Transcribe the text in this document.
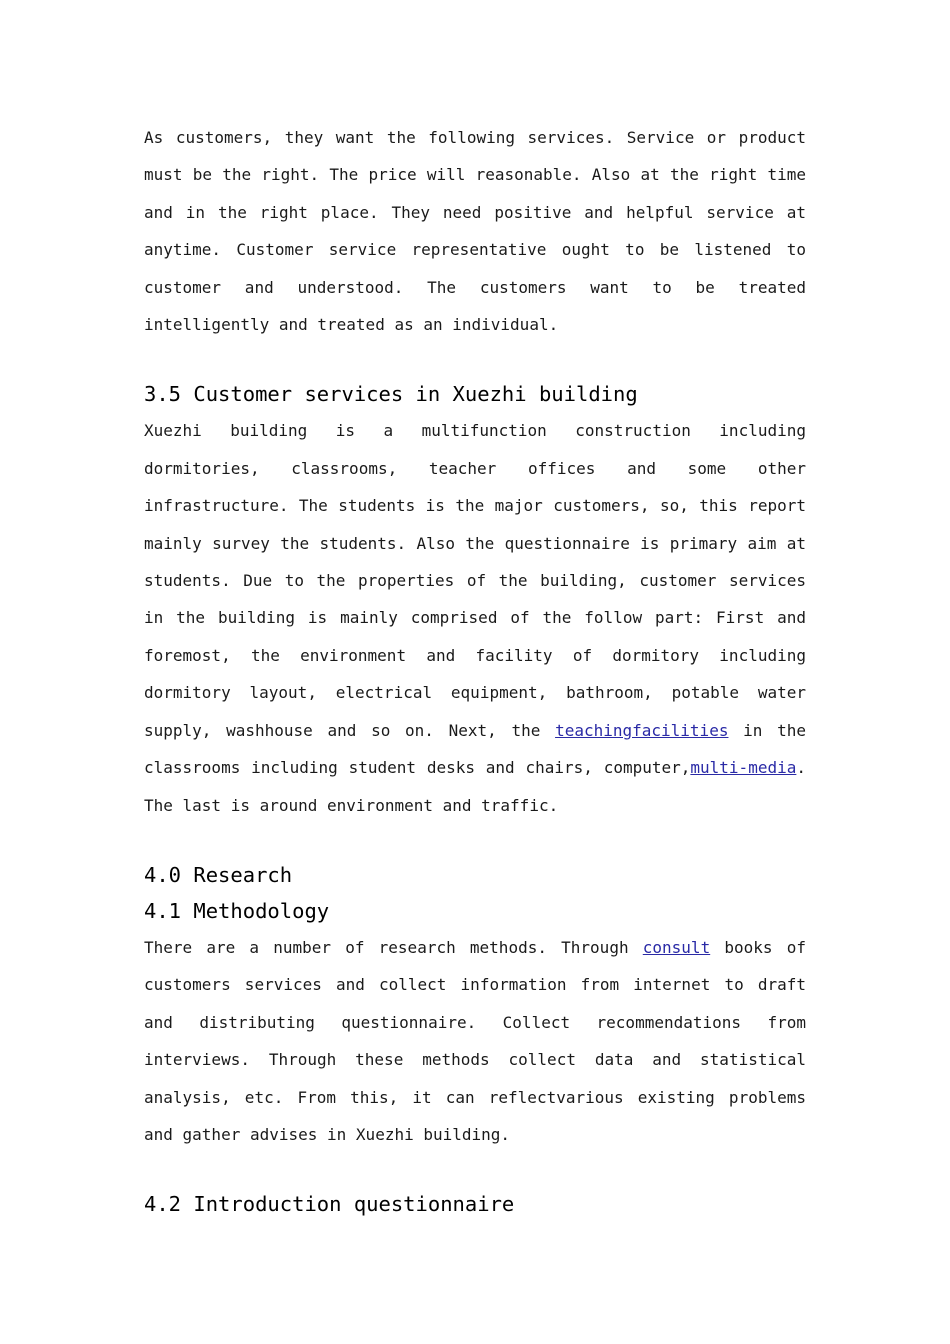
As customers, they want the following services. Service or product must be the right. The price will reasonable. Also at the right time and in the right place. They need positive and helpful service at anytime. Customer service representative ought to be listened to customer and understood. The customers want to be treated intelligently and treated as an individual.

3.5 Customer services in Xuezhi building

Xuezhi building is a multifunction construction including dormitories, classrooms, teacher offices and some other infrastructure. The students is the major customers, so, this report mainly survey the students. Also the questionnaire is primary aim at students. Due to the properties of the building, customer services in the building is mainly comprised of the follow part: First and foremost, the environment and facility of dormitory including dormitory layout, electrical equipment, bathroom, potable water supply, washhouse and so on. Next, the teachingfacilities in the classrooms including student desks and chairs, computer,multi-media. The last is around environment and traffic.

4.0 Research
4.1 Methodology

There are a number of research methods. Through consult books of customers services and collect information from internet to draft and distributing questionnaire. Collect recommendations from interviews. Through these methods collect data and statistical analysis, etc. From this, it can reflectvarious existing problems and gather advises in Xuezhi building.

4.2 Introduction questionnaire
